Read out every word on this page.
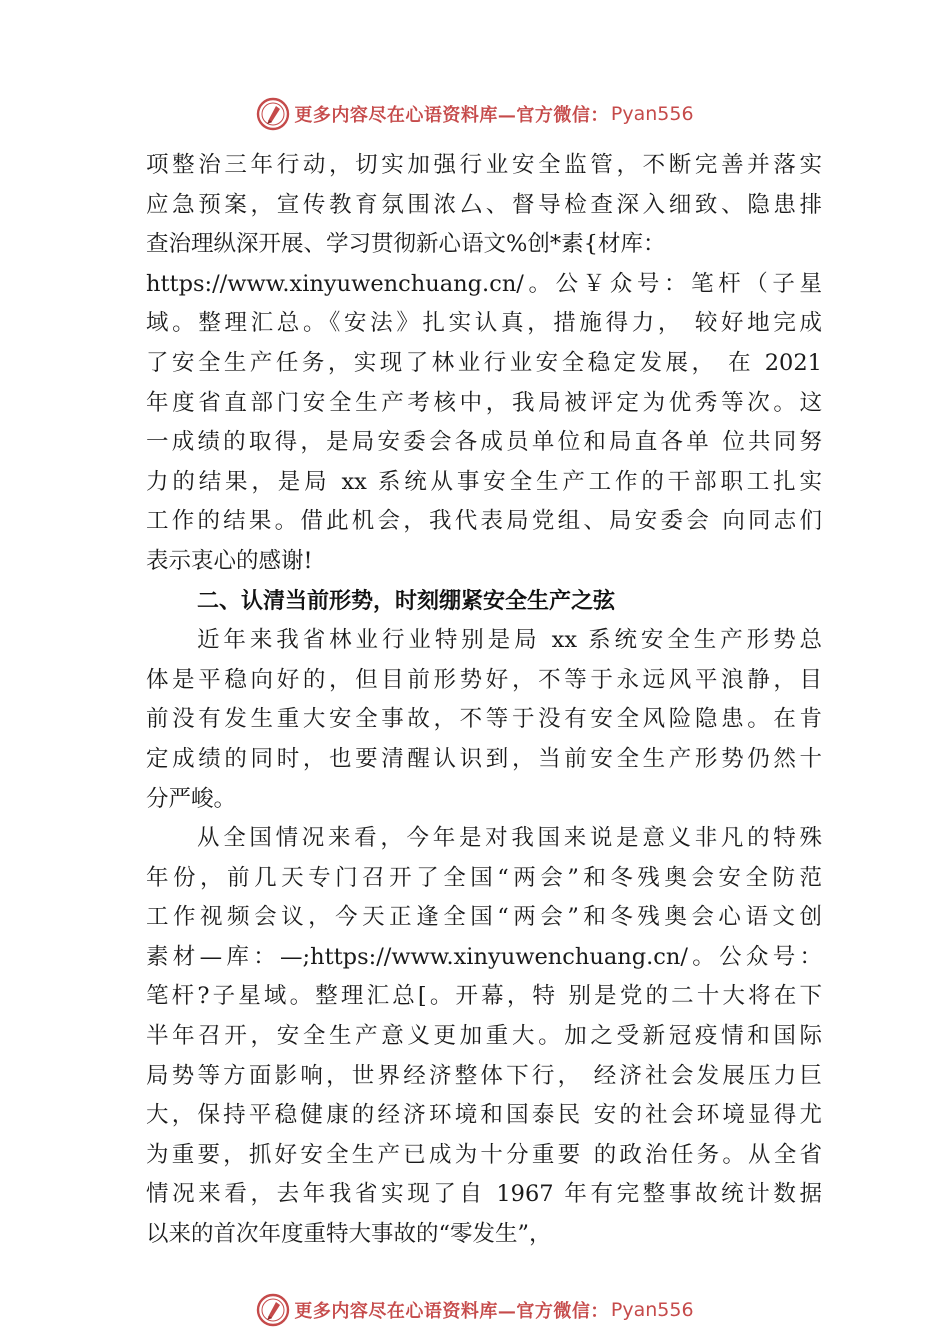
更多内容尽在心语资料库—官方微信： Pyan556
项整治三年行动，切实加强行业安全监管，不断完善并落实
应急预案，宣传教育氛围浓厶、督导检查深入细致、隐患排
查治理纵深开展、学习贯彻新心语文%创*素{材库：
https://www.xinyuwenchuang.cn/。公￥众号：笔杆（子星
域。整理汇总。《安法》扎实认真，措施得力， 较好地完成
了安全生产任务，实现了林业行业安全稳定发展， 在 2021
年度省直部门安全生产考核中，我局被评定为优秀等次。这
一成绩的取得，是局安委会各成员单位和局直各单 位共同努
力的结果，是局 xx 系统从事安全生产工作的干部职工扎实
工作的结果。借此机会，我代表局党组、局安委会 向同志们
表示衷心的感谢!
二、认清当前形势，时刻绷紧安全生产之弦
近年来我省林业行业特别是局 xx 系统安全生产形势总
体是平稳向好的，但目前形势好，不等于永远风平浪静，目
前没有发生重大安全事故，不等于没有安全风险隐患。在肯
定成绩的同时，也要清醒认识到，当前安全生产形势仍然十
分严峻。
从全国情况来看，今年是对我国来说是意义非凡的特殊
年份，前几天专门召开了全国“两会”和冬残奥会安全防范
工作视频会议，今天正逢全国“两会”和冬残奥会心语文创
素材—库：—;https://www.xinyuwenchuang.cn/。公众号：
笔杆?子星域。整理汇总[。开幕，特 别是党的二十大将在下
半年召开，安全生产意义更加重大。加之受新冠疫情和国际
局势等方面影响，世界经济整体下行， 经济社会发展压力巨
大，保持平稳健康的经济环境和国泰民 安的社会环境显得尤
为重要，抓好安全生产已成为十分重要 的政治任务。从全省
情况来看，去年我省实现了自 1967 年有完整事故统计数据
以来的首次年度重特大事故的“零发生”，
更多内容尽在心语资料库—官方微信： Pyan556
